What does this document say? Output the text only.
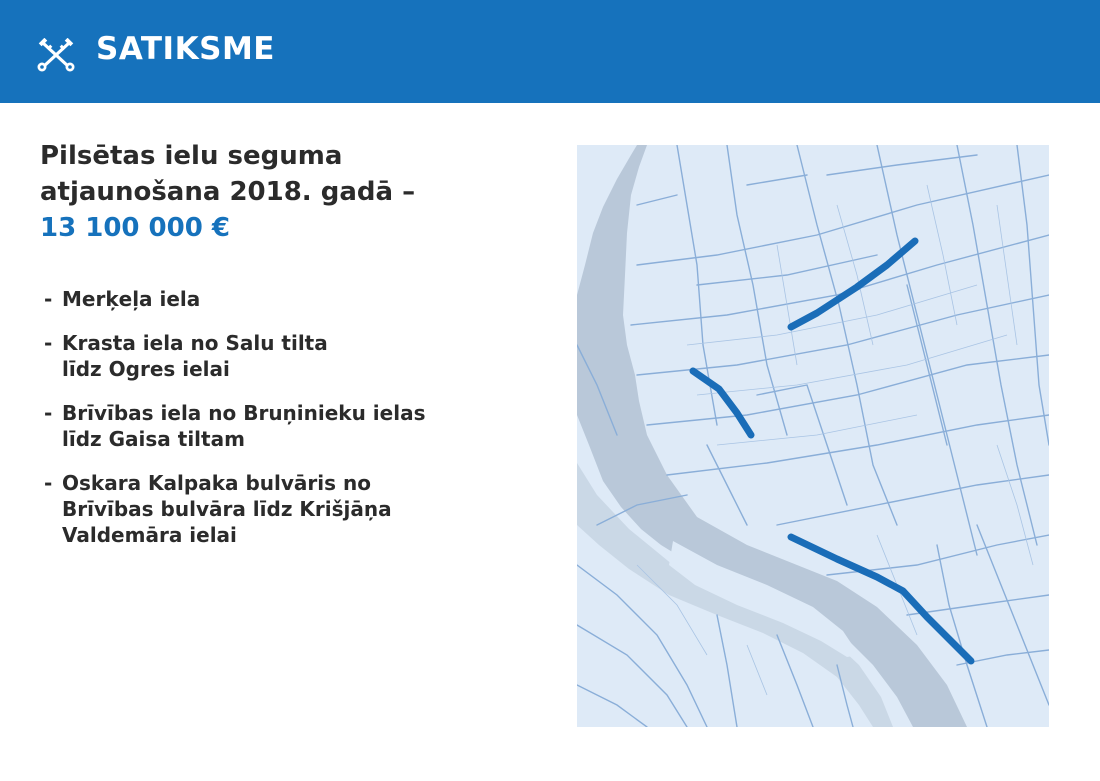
SATIKSME
Pilsētas ielu seguma
atjaunošana 2018. gadā –
13 100 000 €
- Merķeļa iela
- Krasta iela no Salu tilta
līdz Ogres ielai
- Brīvības iela no Bruņinieku ielas
līdz Gaisa tiltam
- Oskara Kalpaka bulvāris no
Brīvības bulvāra līdz Krišjāņa
Valdemāra ielai
